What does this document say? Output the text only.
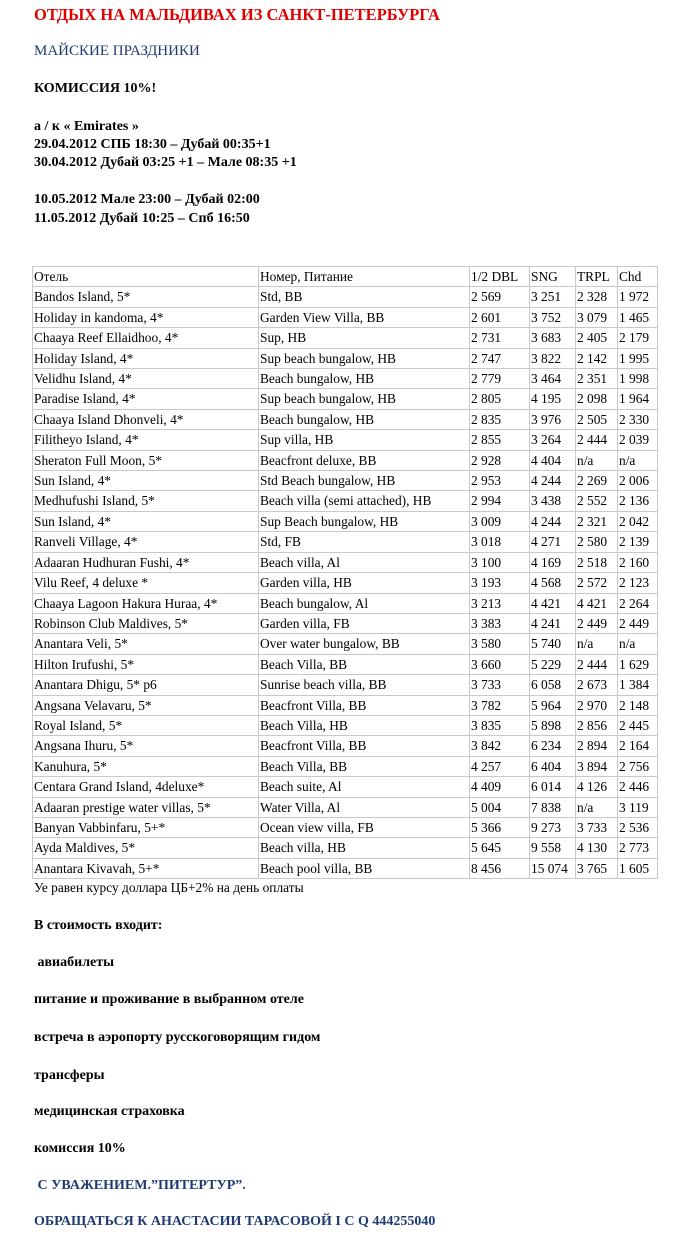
ОТДЫХ НА МАЛЬДИВАХ ИЗ САНКТ-ПЕТЕРБУРГА
МАЙСКИЕ ПРАЗДНИКИ
КОМИССИЯ 10%!
а / к « Emirates »
29.04.2012 СПБ 18:30 – Дубай 00:35+1
30.04.2012 Дубай 03:25 +1 – Мале 08:35 +1
10.05.2012 Мале 23:00 – Дубай 02:00
11.05.2012 Дубай 10:25 – Спб 16:50
Отель	Номер, Питание	1/2 DBL	SNG	TRPL	Chd
Bandos Island, 5*	Std, BB	2 569	3 251	2 328	1 972
Holiday in kandoma, 4*	Garden View Villa, BB	2 601	3 752	3 079	1 465
Chaaya Reef Ellaidhoo, 4*	Sup, HB	2 731	3 683	2 405	2 179
Holiday Island, 4*	Sup beach bungalow, HB	2 747	3 822	2 142	1 995
Velidhu Island, 4*	Beach bungalow, HB	2 779	3 464	2 351	1 998
Paradise Island, 4*	Sup beach bungalow, HB	2 805	4 195	2 098	1 964
Chaaya Island Dhonveli, 4*	Beach bungalow, HB	2 835	3 976	2 505	2 330
Filitheyo Island, 4*	Sup villa, HB	2 855	3 264	2 444	2 039
Sheraton Full Moon, 5*	Beacfront deluxe, BB	2 928	4 404	n/a	n/a
Sun Island, 4*	Std Beach bungalow, HB	2 953	4 244	2 269	2 006
Medhufushi Island, 5*	Beach villa (semi attached), HB	2 994	3 438	2 552	2 136
Sun Island, 4*	Sup Beach bungalow, HB	3 009	4 244	2 321	2 042
Ranveli Village, 4*	Std, FB	3 018	4 271	2 580	2 139
Adaaran Hudhuran Fushi, 4*	Beach villa, Al	3 100	4 169	2 518	2 160
Vilu Reef, 4 deluxe *	Garden villa, HB	3 193	4 568	2 572	2 123
Chaaya Lagoon Hakura Huraa, 4*	Beach bungalow, Al	3 213	4 421	4 421	2 264
Robinson Club Maldives, 5*	Garden villa, FB	3 383	4 241	2 449	2 449
Anantara Veli, 5*	Over water bungalow, BB	3 580	5 740	n/a	n/a
Hilton Irufushi, 5*	Beach Villa, BB	3 660	5 229	2 444	1 629
Anantara Dhigu, 5* p6	Sunrise beach villa, BB	3 733	6 058	2 673	1 384
Angsana Velavaru, 5*	Beacfront Villa, BB	3 782	5 964	2 970	2 148
Royal Island, 5*	Beach Villa, HB	3 835	5 898	2 856	2 445
Angsana Ihuru, 5*	Beacfront Villa, BB	3 842	6 234	2 894	2 164
Kanuhura, 5*	Beach Villa, BB	4 257	6 404	3 894	2 756
Centara Grand Island, 4deluxe*	Beach suite, Al	4 409	6 014	4 126	2 446
Adaaran prestige water villas, 5*	Water Villa, Al	5 004	7 838	n/a	3 119
Banyan Vabbinfaru, 5+*	Ocean view villa, FB	5 366	9 273	3 733	2 536
Ayda Maldives, 5*	Beach villa, HB	5 645	9 558	4 130	2 773
Anantara Kivavah, 5+*	Beach pool villa, BB	8 456	15 074	3 765	1 605
Уе равен курсу доллара ЦБ+2% на день оплаты
В стоимость входит:
авиабилеты
питание и проживание в выбранном отеле
встреча в аэропорту русскоговорящим гидом
трансферы
медицинская страховка
комиссия 10%
С УВАЖЕНИЕМ.”ПИТЕРТУР”.
ОБРАЩАТЬСЯ К АНАСТАСИИ ТАРАСОВОЙ I C Q 444255040
